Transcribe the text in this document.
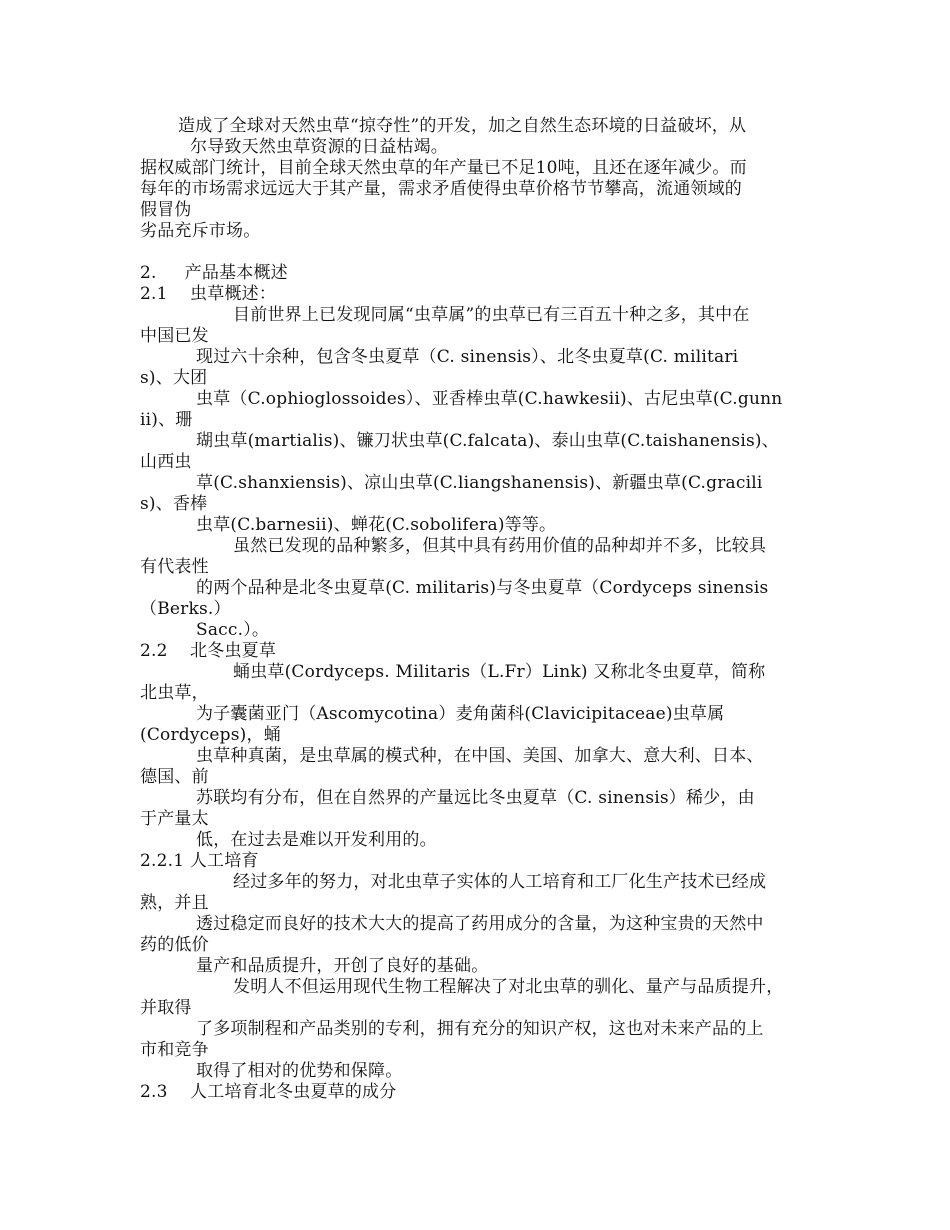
造成了全球对天然虫草“掠夺性”的开发，加之自然生态环境的日益破坏，从
尔导致天然虫草资源的日益枯竭。
据权威部门统计，目前全球天然虫草的年产量已不足10吨，且还在逐年减少。而
每年的市场需求远远大于其产量，需求矛盾使得虫草价格节节攀高，流通领域的
假冒伪
劣品充斥市场。
2.     产品基本概述
2.1    虫草概述：
目前世界上已发现同属“虫草属”的虫草已有三百五十种之多，其中在
中国已发
现过六十余种，包含冬虫夏草（C. sinensis）、北冬虫夏草(C. militari
s)、大团
虫草（C.ophioglossoides）、亚香棒虫草(C.hawkesii)、古尼虫草(C.gunn
ii)、珊
瑚虫草(martialis)、镰刀状虫草(C.falcata)、泰山虫草(C.taishanensis)、
山西虫
草(C.shanxiensis)、凉山虫草(C.liangshanensis)、新疆虫草(C.gracili
s)、香棒
虫草(C.barnesii)、蝉花(C.sobolifera)等等。
虽然已发现的品种繁多，但其中具有药用价值的品种却并不多，比较具
有代表性
的两个品种是北冬虫夏草(C. militaris)与冬虫夏草（Cordyceps sinensis
（Berks.）
Sacc.）。
2.2    北冬虫夏草
蛹虫草(Cordyceps. Militaris（L.Fr）Link) 又称北冬虫夏草，简称
北虫草，
为子囊菌亚门（Ascomycotina）麦角菌科(Clavicipitaceae)虫草属
(Cordyceps)，蛹
虫草种真菌，是虫草属的模式种，在中国、美国、加拿大、意大利、日本、
德国、前
苏联均有分布，但在自然界的产量远比冬虫夏草（C. sinensis）稀少，由
于产量太
低，在过去是难以开发利用的。
2.2.1 人工培育
经过多年的努力，对北虫草子实体的人工培育和工厂化生产技术已经成
熟，并且
透过稳定而良好的技术大大的提高了药用成分的含量，为这种宝贵的天然中
药的低价
量产和品质提升，开创了良好的基础。
发明人不但运用现代生物工程解决了对北虫草的驯化、量产与品质提升，
并取得
了多项制程和产品类别的专利，拥有充分的知识产权，这也对未来产品的上
市和竞争
取得了相对的优势和保障。
2.3    人工培育北冬虫夏草的成分
